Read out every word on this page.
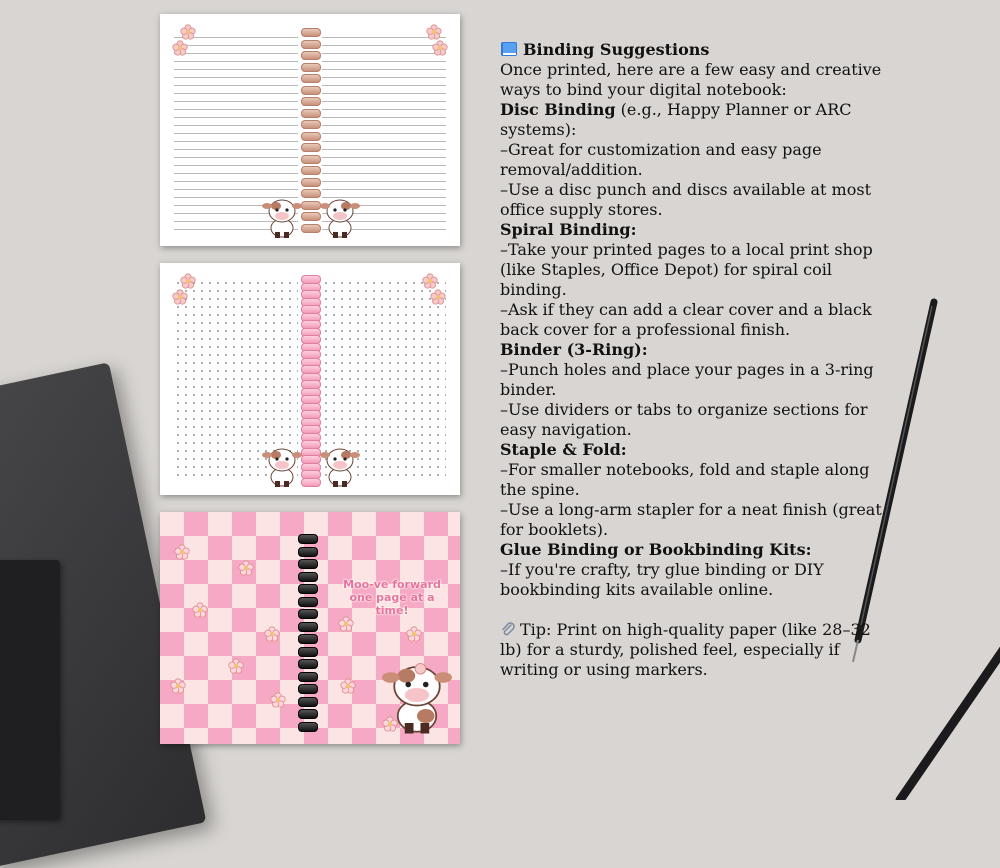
Moo-ve forward one page at a time!

Binding Suggestions

Once printed, here are a few easy and creative ways to bind your digital notebook:

Disc Binding (e.g., Happy Planner or ARC systems):

–Great for customization and easy page removal/addition.

–Use a disc punch and discs available at most office supply stores.

Spiral Binding:

–Take your printed pages to a local print shop (like Staples, Office Depot) for spiral coil binding.

–Ask if they can add a clear cover and a black back cover for a professional finish.

Binder (3-Ring):

–Punch holes and place your pages in a 3-ring binder.

–Use dividers or tabs to organize sections for easy navigation.

Staple & Fold:

–For smaller notebooks, fold and staple along the spine.

–Use a long-arm stapler for a neat finish (great for booklets).

Glue Binding or Bookbinding Kits:

–If you're crafty, try glue binding or DIY bookbinding kits available online.

Tip: Print on high-quality paper (like 28–32 lb) for a sturdy, polished feel, especially if writing or using markers.
